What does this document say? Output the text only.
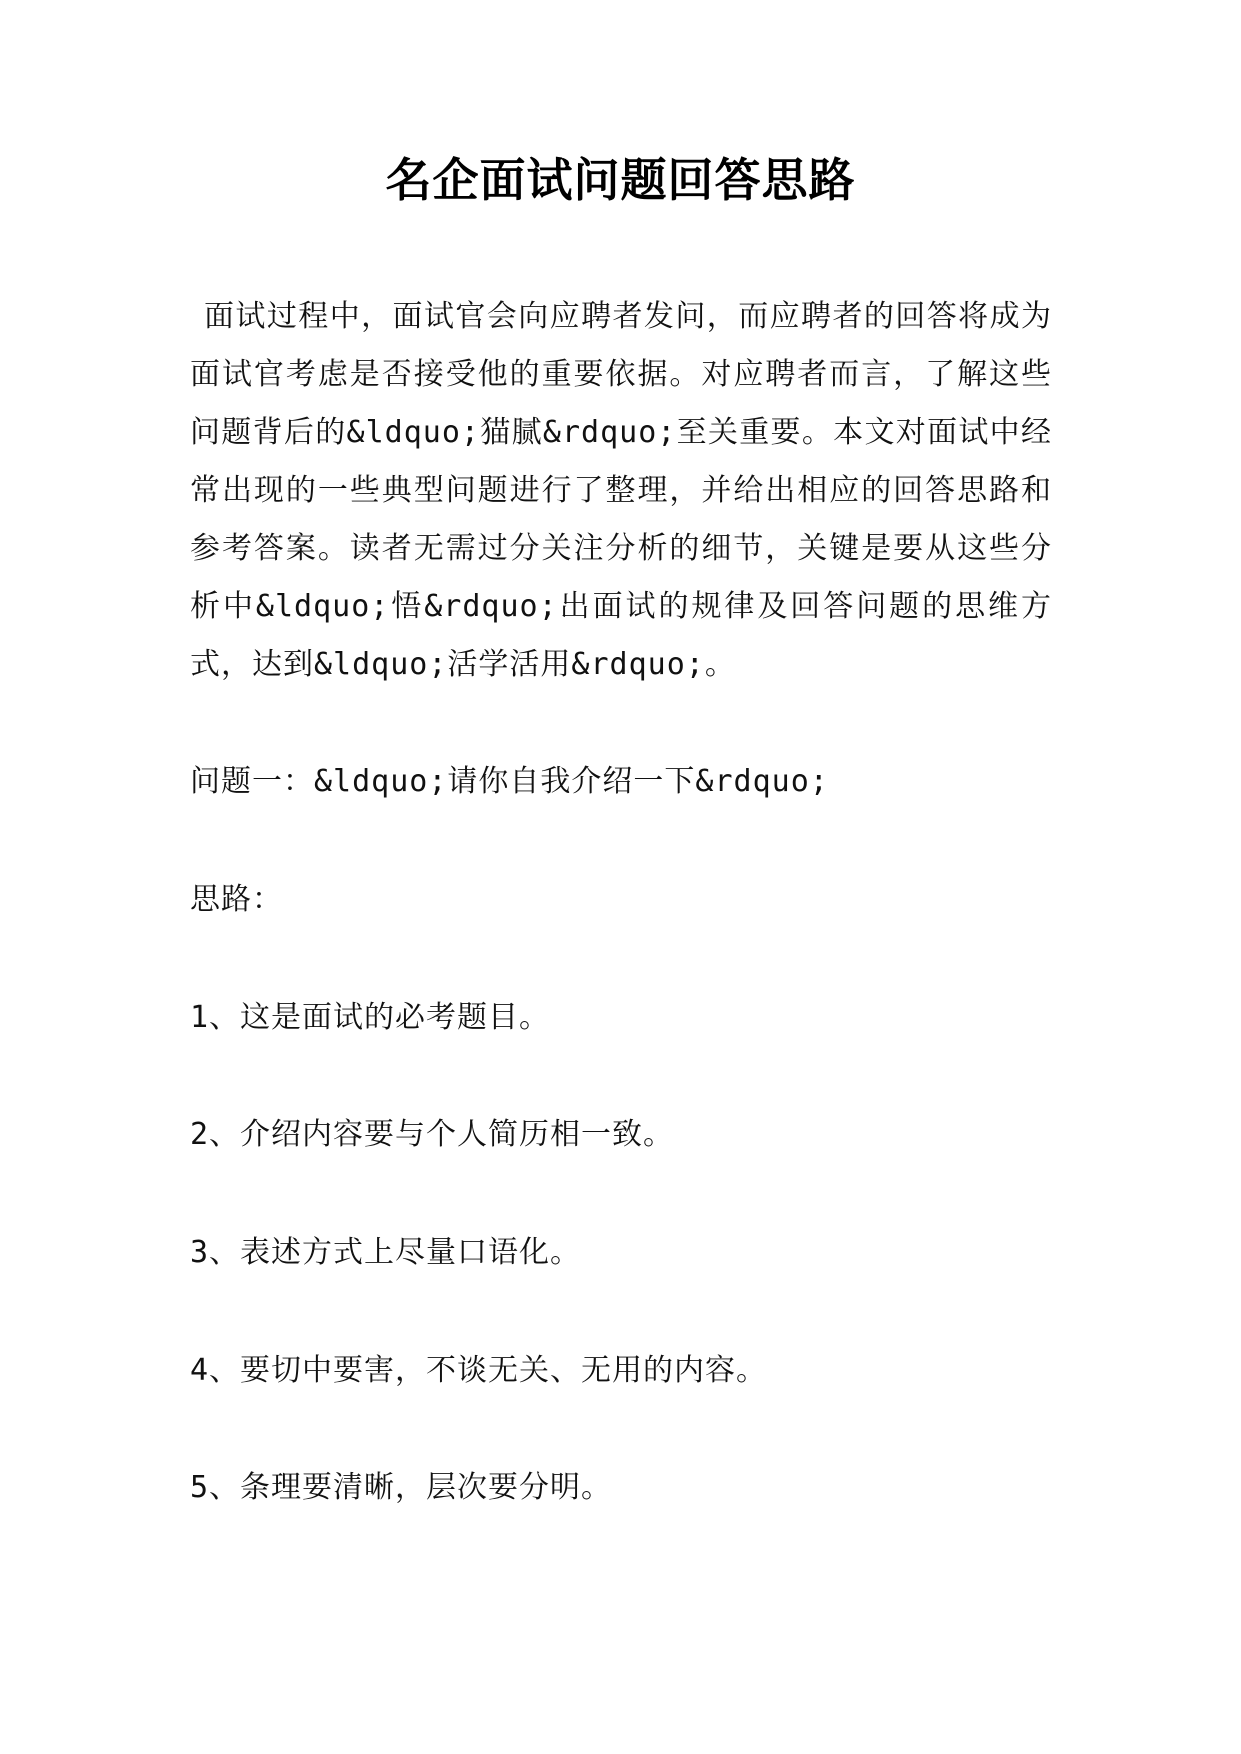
名企面试问题回答思路
面试过程中，面试官会向应聘者发问，而应聘者的回答将成为面试官考虑是否接受他的重要依据。对应聘者而言，了解这些问题背后的&ldquo;猫腻&rdquo;至关重要。本文对面试中经常出现的一些典型问题进行了整理，并给出相应的回答思路和参考答案。读者无需过分关注分析的细节，关键是要从这些分析中&ldquo;悟&rdquo;出面试的规律及回答问题的思维方式，达到&ldquo;活学活用&rdquo;。
问题一：&ldquo;请你自我介绍一下&rdquo;
思路：
1、这是面试的必考题目。
2、介绍内容要与个人简历相一致。
3、表述方式上尽量口语化。
4、要切中要害，不谈无关、无用的内容。
5、条理要清晰，层次要分明。
